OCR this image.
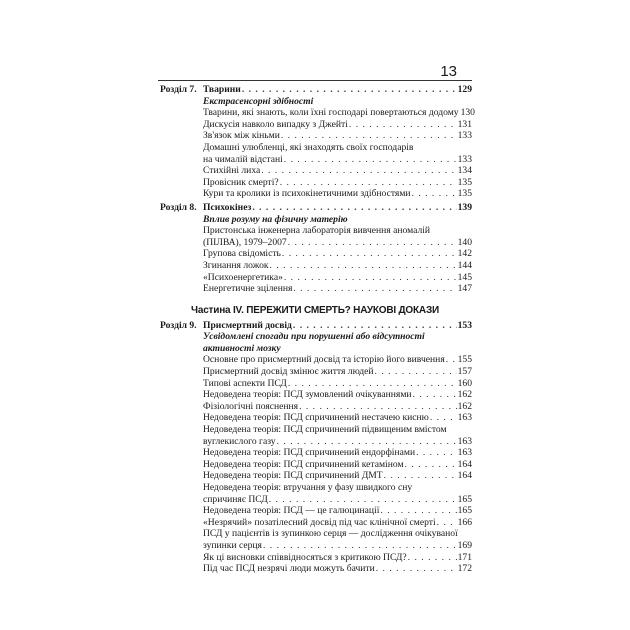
13
Розділ 7. Тварини . . .	129
Екстрасенсорні здібності
Тварини, які знають, коли їхні господарі повертаються додому 130
Дискусія навколо випадку з Джейті . . .	131
Зв'язок між кіньми . . .	133
Домашні улюбленці, які знаходять своїх господарів
на чималій відстані . . .	133
Стихійні лиха . . .	134
Провісник смерті? . . .	135
Кури та кролики із психокінетичними здібностями . . .	135
Розділ 8. Психокінез . . .	139
Вплив розуму на фізичну матерію
Пристонська інженерна лабораторія вивчення аномалій
(ПІЛВА), 1979–2007 . . .	140
Групова свідомість . . .	142
Згинання ложок . . .	144
«Психоенергетика» . . .	145
Енергетичне зцілення . . .	147
Частина IV. ПЕРЕЖИТИ СМЕРТЬ? НАУКОВІ ДОКАЗИ
Розділ 9. Присмертний досвід . . .	153
Усвідомлені спогади при порушенні або відсутності
активності мозку
Основне про присмертний досвід та історію його вивчення . . . 155
Присмертний досвід змінює життя людей . . .	157
Типові аспекти ПСД . . .	160
Недоведена теорія: ПСД зумовлений очікуваннями . . .	162
Фізіологічні пояснення . . .	162
Недоведена теорія: ПСД спричинений нестачею кисню . . .	163
Недоведена теорія: ПСД спричинений підвищеним вмістом
вуглекислого газу . . .	163
Недоведена теорія: ПСД спричинений ендорфінами . . .	163
Недоведена теорія: ПСД спричинений кетаміном . . .	164
Недоведена теорія: ПСД спричинений ДМТ . . .	164
Недоведена теорія: втручання у фазу швидкого сну
спричиняє ПСД . . .	165
Недоведена теорія: ПСД — це галюцинації . . .	165
«Незрячий» позатілесний досвід під час клінічної смерті . . . 166
ПСД у пацієнтів із зупинкою серця — дослідження очікуваної
зупинки серця . . .	169
Як ці висновки співвідносяться з критикою ПСД? . . .	171
Під час ПСД незрячі люди можуть бачити . . .	172
